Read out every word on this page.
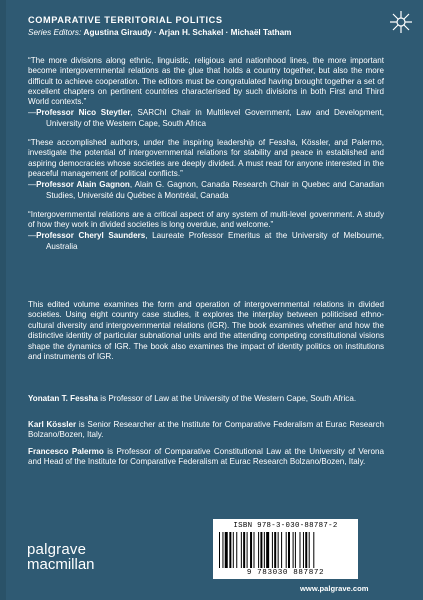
COMPARATIVE TERRITORIAL POLITICS
Series Editors: Agustina Giraudy · Arjan H. Schakel · Michaël Tatham

“The more divisions along ethnic, linguistic, religious and nationhood lines, the more important become intergovernmental relations as the glue that holds a country together, but also the more difficult to achieve cooperation. The editors must be congratulated having brought together a set of excellent chapters on pertinent countries characterised by such divisions in both First and Third World contexts.”

—Professor Nico Steytler, SARChI Chair in Multilevel Government, Law and Development, University of the Western Cape, South Africa

“These accomplished authors, under the inspiring leadership of Fessha, Kössler, and Palermo, investigate the potential of intergovernmental relations for stability and peace in established and aspiring democracies whose societies are deeply divided. A must read for anyone interested in the peaceful management of political conflicts.”

—Professor Alain Gagnon, Alain G. Gagnon, Canada Research Chair in Quebec and Canadian Studies, Université du Québec à Montréal, Canada

“Intergovernmental relations are a critical aspect of any system of multi-level government. A study of how they work in divided societies is long overdue, and welcome.”

—Professor Cheryl Saunders, Laureate Professor Emeritus at the University of Melbourne, Australia

This edited volume examines the form and operation of intergovernmental relations in divided societies. Using eight country case studies, it explores the interplay between politicised ethno-cultural diversity and intergovernmental relations (IGR). The book examines whether and how the distinctive identity of particular subnational units and the attending competing constitutional visions shape the dynamics of IGR. The book also examines the impact of identity politics on institutions and instruments of IGR.

Yonatan T. Fessha is Professor of Law at the University of the Western Cape, South Africa.

Karl Kössler is Senior Researcher at the Institute for Comparative Federalism at Eurac Research Bolzano/Bozen, Italy.

Francesco Palermo is Professor of Comparative Constitutional Law at the University of Verona and Head of the Institute for Comparative Federalism at Eurac Research Bolzano/Bozen, Italy.

palgrave
macmillan
ISBN 978-3-030-88787-2
9 783030 887872
www.palgrave.com
